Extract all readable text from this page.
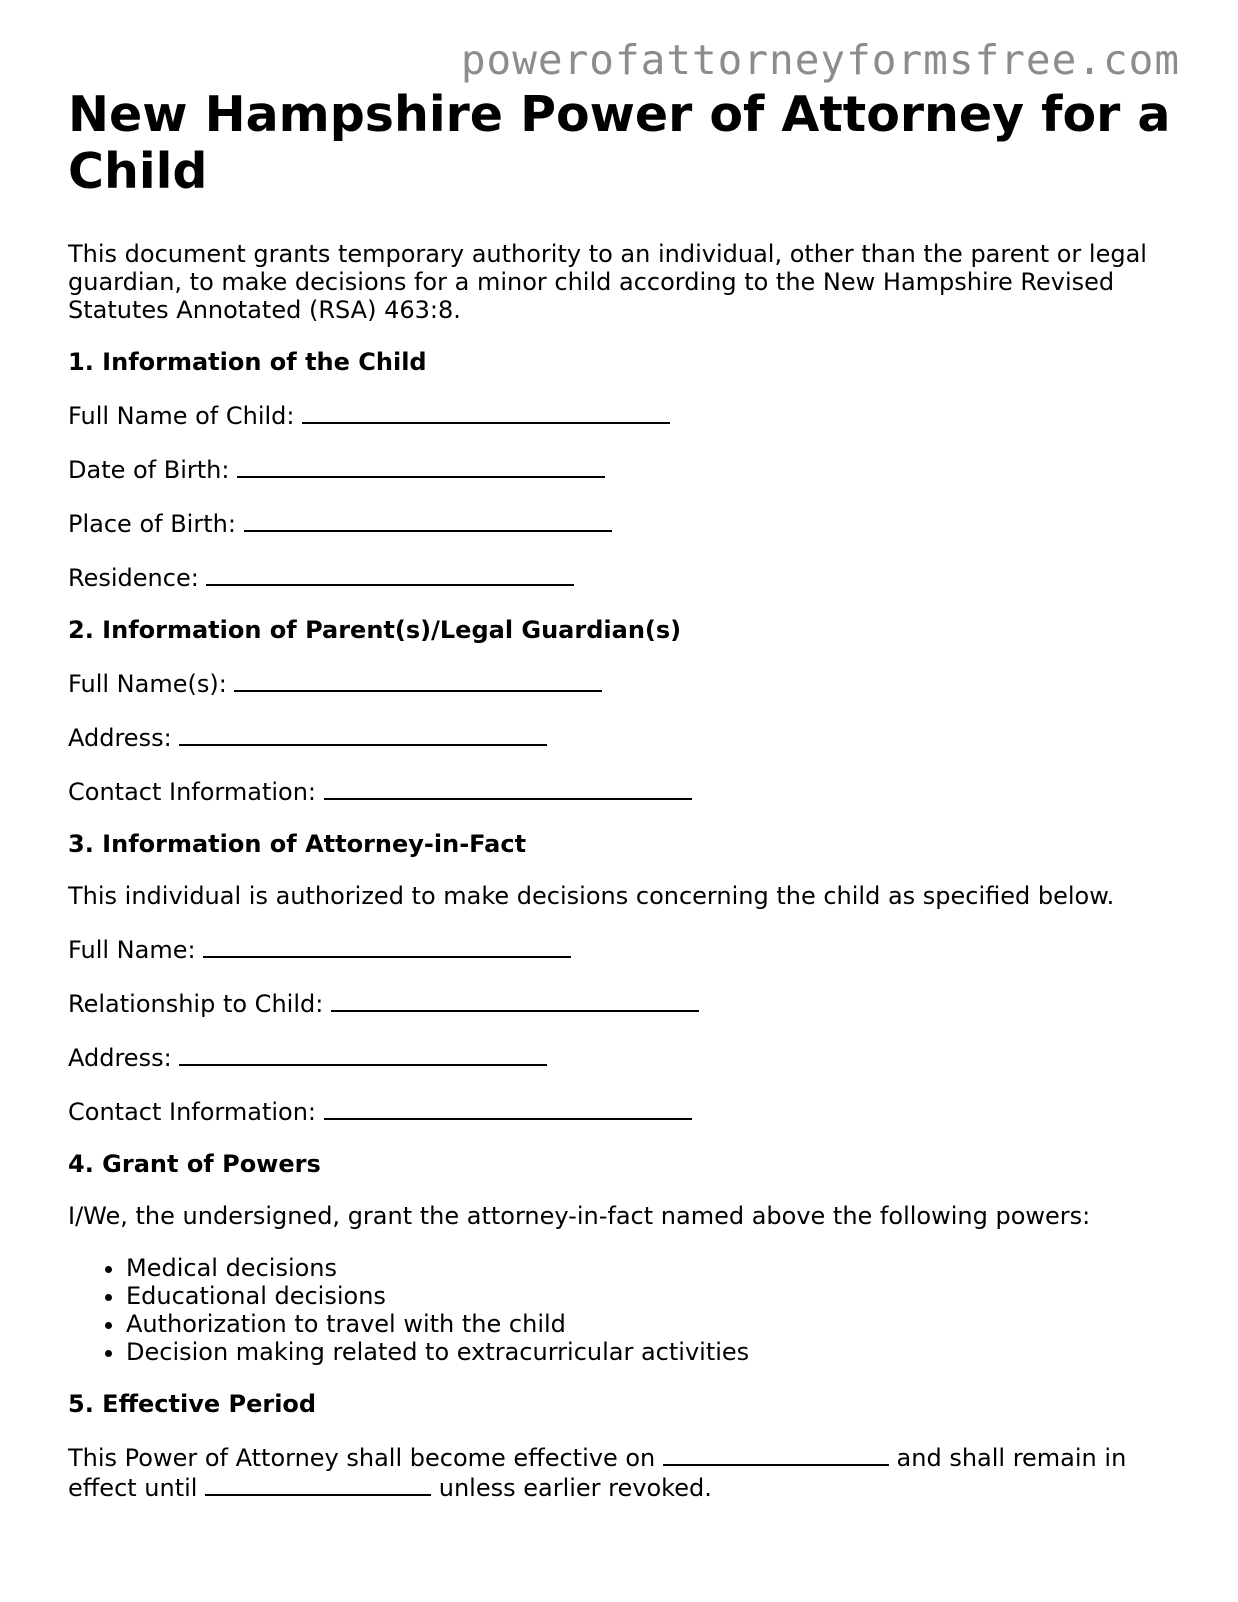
powerofattorneyformsfree.com
New Hampshire Power of Attorney for a Child

This document grants temporary authority to an individual, other than the parent or legal guardian, to make decisions for a minor child according to the New Hampshire Revised Statutes Annotated (RSA) 463:8.

1. Information of the Child

Full Name of Child:

Date of Birth:

Place of Birth:

Residence:

2. Information of Parent(s)/Legal Guardian(s)

Full Name(s):

Address:

Contact Information:

3. Information of Attorney-in-Fact

This individual is authorized to make decisions concerning the child as specified below.

Full Name:

Relationship to Child:

Address:

Contact Information:

4. Grant of Powers

I/We, the undersigned, grant the attorney-in-fact named above the following powers:

• Medical decisions
• Educational decisions
• Authorization to travel with the child
• Decision making related to extracurricular activities
5. Effective Period

This Power of Attorney shall become effective on	and shall remain in effect until	unless earlier revoked.
